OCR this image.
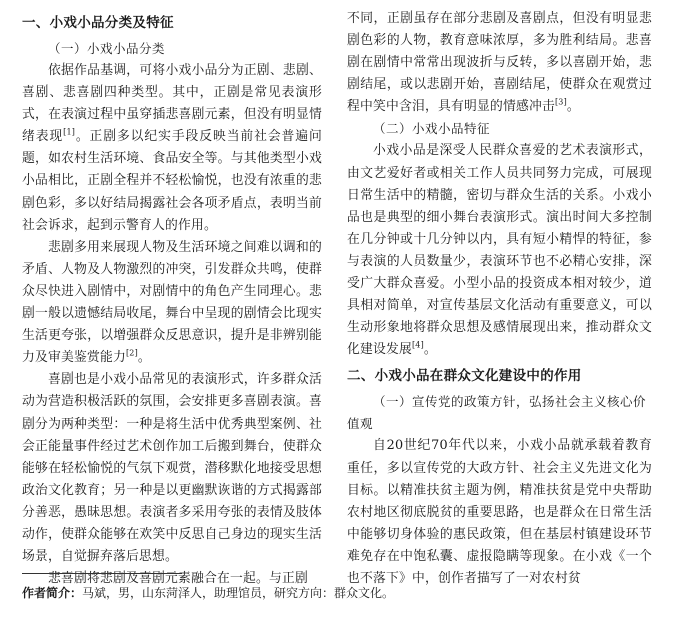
一、小戏小品分类及特征
（一）小戏小品分类

依据作品基调，可将小戏小品分为正剧、悲剧、喜剧、悲喜剧四种类型。其中，正剧是常见表演形式，在表演过程中虽穿插悲喜剧元素，但没有明显情绪表现[1]。正剧多以纪实手段反映当前社会普遍问题，如农村生活环境、食品安全等。与其他类型小戏小品相比，正剧全程并不轻松愉悦，也没有浓重的悲剧色彩，多以好结局揭露社会各项矛盾点，表明当前社会诉求，起到示警育人的作用。

悲剧多用来展现人物及生活环境之间难以调和的矛盾、人物及人物激烈的冲突，引发群众共鸣，使群众尽快进入剧情中，对剧情中的角色产生同理心。悲剧一般以遗憾结局收尾，舞台中呈现的剧情会比现实生活更夸张，以增强群众反思意识，提升是非辨别能力及审美鉴赏能力[2]。

喜剧也是小戏小品常见的表演形式，许多群众活动为营造积极活跃的氛围，会安排更多喜剧表演。喜剧分为两种类型：一种是将生活中优秀典型案例、社会正能量事件经过艺术创作加工后搬到舞台，使群众能够在轻松愉悦的气氛下观赏，潜移默化地接受思想政治文化教育；另一种是以更幽默诙谐的方式揭露部分善恶，愚昧思想。表演者多采用夸张的表情及肢体动作，使群众能够在欢笑中反思自己身边的现实生活场景，自觉摒弃落后思想。

悲喜剧将悲剧及喜剧元素融合在一起。与正剧

不同，正剧虽存在部分悲剧及喜剧点，但没有明显悲剧色彩的人物，教育意味浓厚，多为胜利结局。悲喜剧在剧情中常常出现波折与反转，多以喜剧开始，悲剧结尾，或以悲剧开始，喜剧结尾，使群众在观赏过程中笑中含泪，具有明显的情感冲击[3]。

（二）小戏小品特征

小戏小品是深受人民群众喜爱的艺术表演形式，由文艺爱好者或相关工作人员共同努力完成，可展现日常生活中的精髓，密切与群众生活的关系。小戏小品也是典型的细小舞台表演形式。演出时间大多控制在几分钟或十几分钟以内，具有短小精悍的特征，参与表演的人员数量少，表演环节也不必精心安排，深受广大群众喜爱。小型小品的投资成本相对较少，道具相对简单，对宣传基层文化活动有重要意义，可以生动形象地将群众思想及感情展现出来，推动群众文化建设发展[4]。

二、小戏小品在群众文化建设中的作用
（一）宣传党的政策方针，弘扬社会主义核心价值观

自20世纪70年代以来，小戏小品就承载着教育重任，多以宣传党的大政方针、社会主义先进文化为目标。以精准扶贫主题为例，精准扶贫是党中央帮助农村地区彻底脱贫的重要思路，也是群众在日常生活中能够切身体验的惠民政策，但在基层村镇建设环节难免存在中饱私囊、虚报隐瞒等现象。在小戏《一个也不落下》中，创作者描写了一对农村贫

作者简介：马斌，男，山东菏泽人，助理馆员，研究方向：群众文化。
